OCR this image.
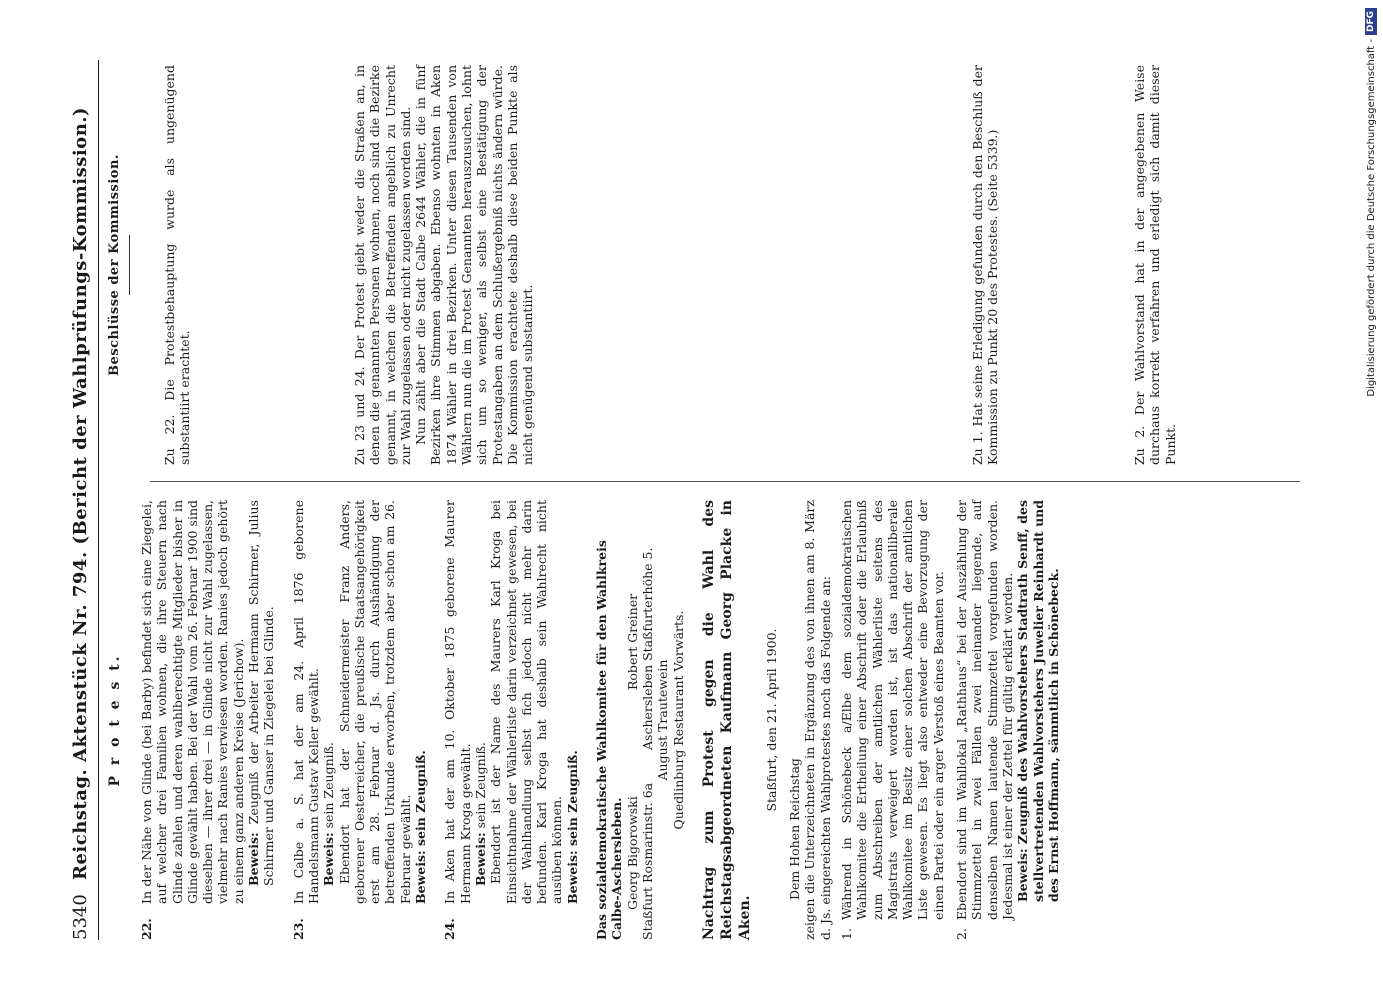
5340
Reichstag. Aktenstück Nr. 794. (Bericht der Wahlprüfungs-Kommission.) P r o t e s t.
22.

In der Nähe von Glinde (bei Barby) befindet sich eine Ziegelei, auf welcher drei Familien wohnen, die ihre Steuern nach Glinde zahlen und deren wahlberechtigte Mitglieder bisher in Glinde gewählt haben. Bei der Wahl vom 26. Februar 1900 sind dieselben — ihrer drei — in Glinde nicht zur Wahl zugelassen, vielmehr nach Ranies verwiesen worden. Ranies jedoch gehört zu einem ganz anderen Kreise (Jerichow). Beweis: Zeugniß der Arbeiter Hermann Schirmer, Julius Schirmer und Ganser in Ziegelei bei Glinde.

23.

In Calbe a. S. hat der am 24. April 1876 geborene Handelsmann Gustav Keller gewählt. Beweis: sein Zeugniß. Ebendort hat der Schneidermeister Franz Anders, geborener Oesterreicher, die preußische Staatsangehörigkeit erst am 28. Februar d. Js. durch Aushändigung der betreffenden Urkunde erworben, trotzdem aber schon am 26. Februar gewählt. Beweis: sein Zeugniß.

24.

In Aken hat der am 10. Oktober 1875 geborene Maurer Hermann Kroga gewählt. Beweis: sein Zeugniß. Ebendort ist der Name des Maurers Karl Kroga bei Einsichtnahme der Wählerliste darin verzeichnet gewesen, bei der Wahlhandlung selbst fich jedoch nicht mehr darin befunden. Karl Kroga hat deshalb sein Wahlrecht nicht ausüben können. Beweis: sein Zeugniß. Das sozialdemokratische Wahlkomitee für den Wahlkreis Calbe-Aschersleben. Georg Bigorowski
Robert Greiner
Staßfurt Rosmarinstr. 6a
Aschersleben Staßfurterhöhe 5. August Trautewein Quedlinburg Restaurant Vorwärts. Nachtrag zum Protest gegen die Wahl des Reichstagsabgeordneten Kaufmann Georg Placke in Aken.
Staßfurt, den 21. April 1900.
Dem Hohen Reichstag zeigen die Unterzeichneten in Ergänzung des von ihnen am 8. März d. Js. eingereichten Wahlprotestes noch das Folgende an: 1.
Während in Schönebeck a/Elbe dem sozialdemokratischen Wahlkomitee die Ertheilung einer Abschrift oder die Erlaubniß zum Abschreiben der amtlichen Wählerliste seitens des Magistrats verweigert worden ist, ist das nationalliberale Wahlkomitee im Besitz einer solchen Abschrift der amtlichen Liste gewesen. Es liegt also entweder eine Bevorzugung der einen Partei oder ein arger Verstoß eines Beamten vor.
2.
Ebendort sind im Wahllokal „Rathhaus“ bei der Auszählung der Stimmzettel in zwei Fällen zwei ineinander liegende, auf denselben Namen lautende Stimmzettel vorgefunden worden. Jedesmal ist einer der Zettel für gültig erklärt worden. Beweis: Zeugniß des Wahlvorstehers Stadtrath Senff, des stellvertretenden Wahlvorstehers Juwelier Reinhardt und des Ernst Hoffmann, sämmtlich in Schönebeck.
Beschlüsse der Kommission.

Zu 22. Die Protestbehauptung wurde als ungenügend substantiirt erachtet.	Zu 23 und 24. Der Protest giebt weder die Straßen an, in denen die genannten Personen wohnen, noch sind die Bezirke genannt, in welchen die Betreffenden angeblich zu Unrecht zur Wahl zugelassen oder nicht zugelassen worden sind. Nun zählt aber die Stadt Calbe 2644 Wähler, die in fünf Bezirken ihre Stimmen abgaben. Ebenso wohnten in Aken 1874 Wähler in drei Bezirken. Unter diesen Tausenden von Wählern nun die im Protest Genannten herauszusuchen, lohnt sich um so weniger, als selbst eine Bestätigung der Protestangaben an dem Schlußergebniß nichts ändern würde. Die Kommission erachtete deshalb diese beiden Punkte als nicht genügend substantiirt.	Zu 1. Hat seine Erledigung gefunden durch den Beschluß der Kommission zu Punkt 20 des Protestes. (Seite 5339.)	Zu 2. Der Wahlvorstand hat in der angegebenen Weise durchaus korrekt verfahren und erledigt sich damit dieser Punkt.

Digitalisierung gefördert durch die Deutsche Forschungsgemeinschaft -DFG
